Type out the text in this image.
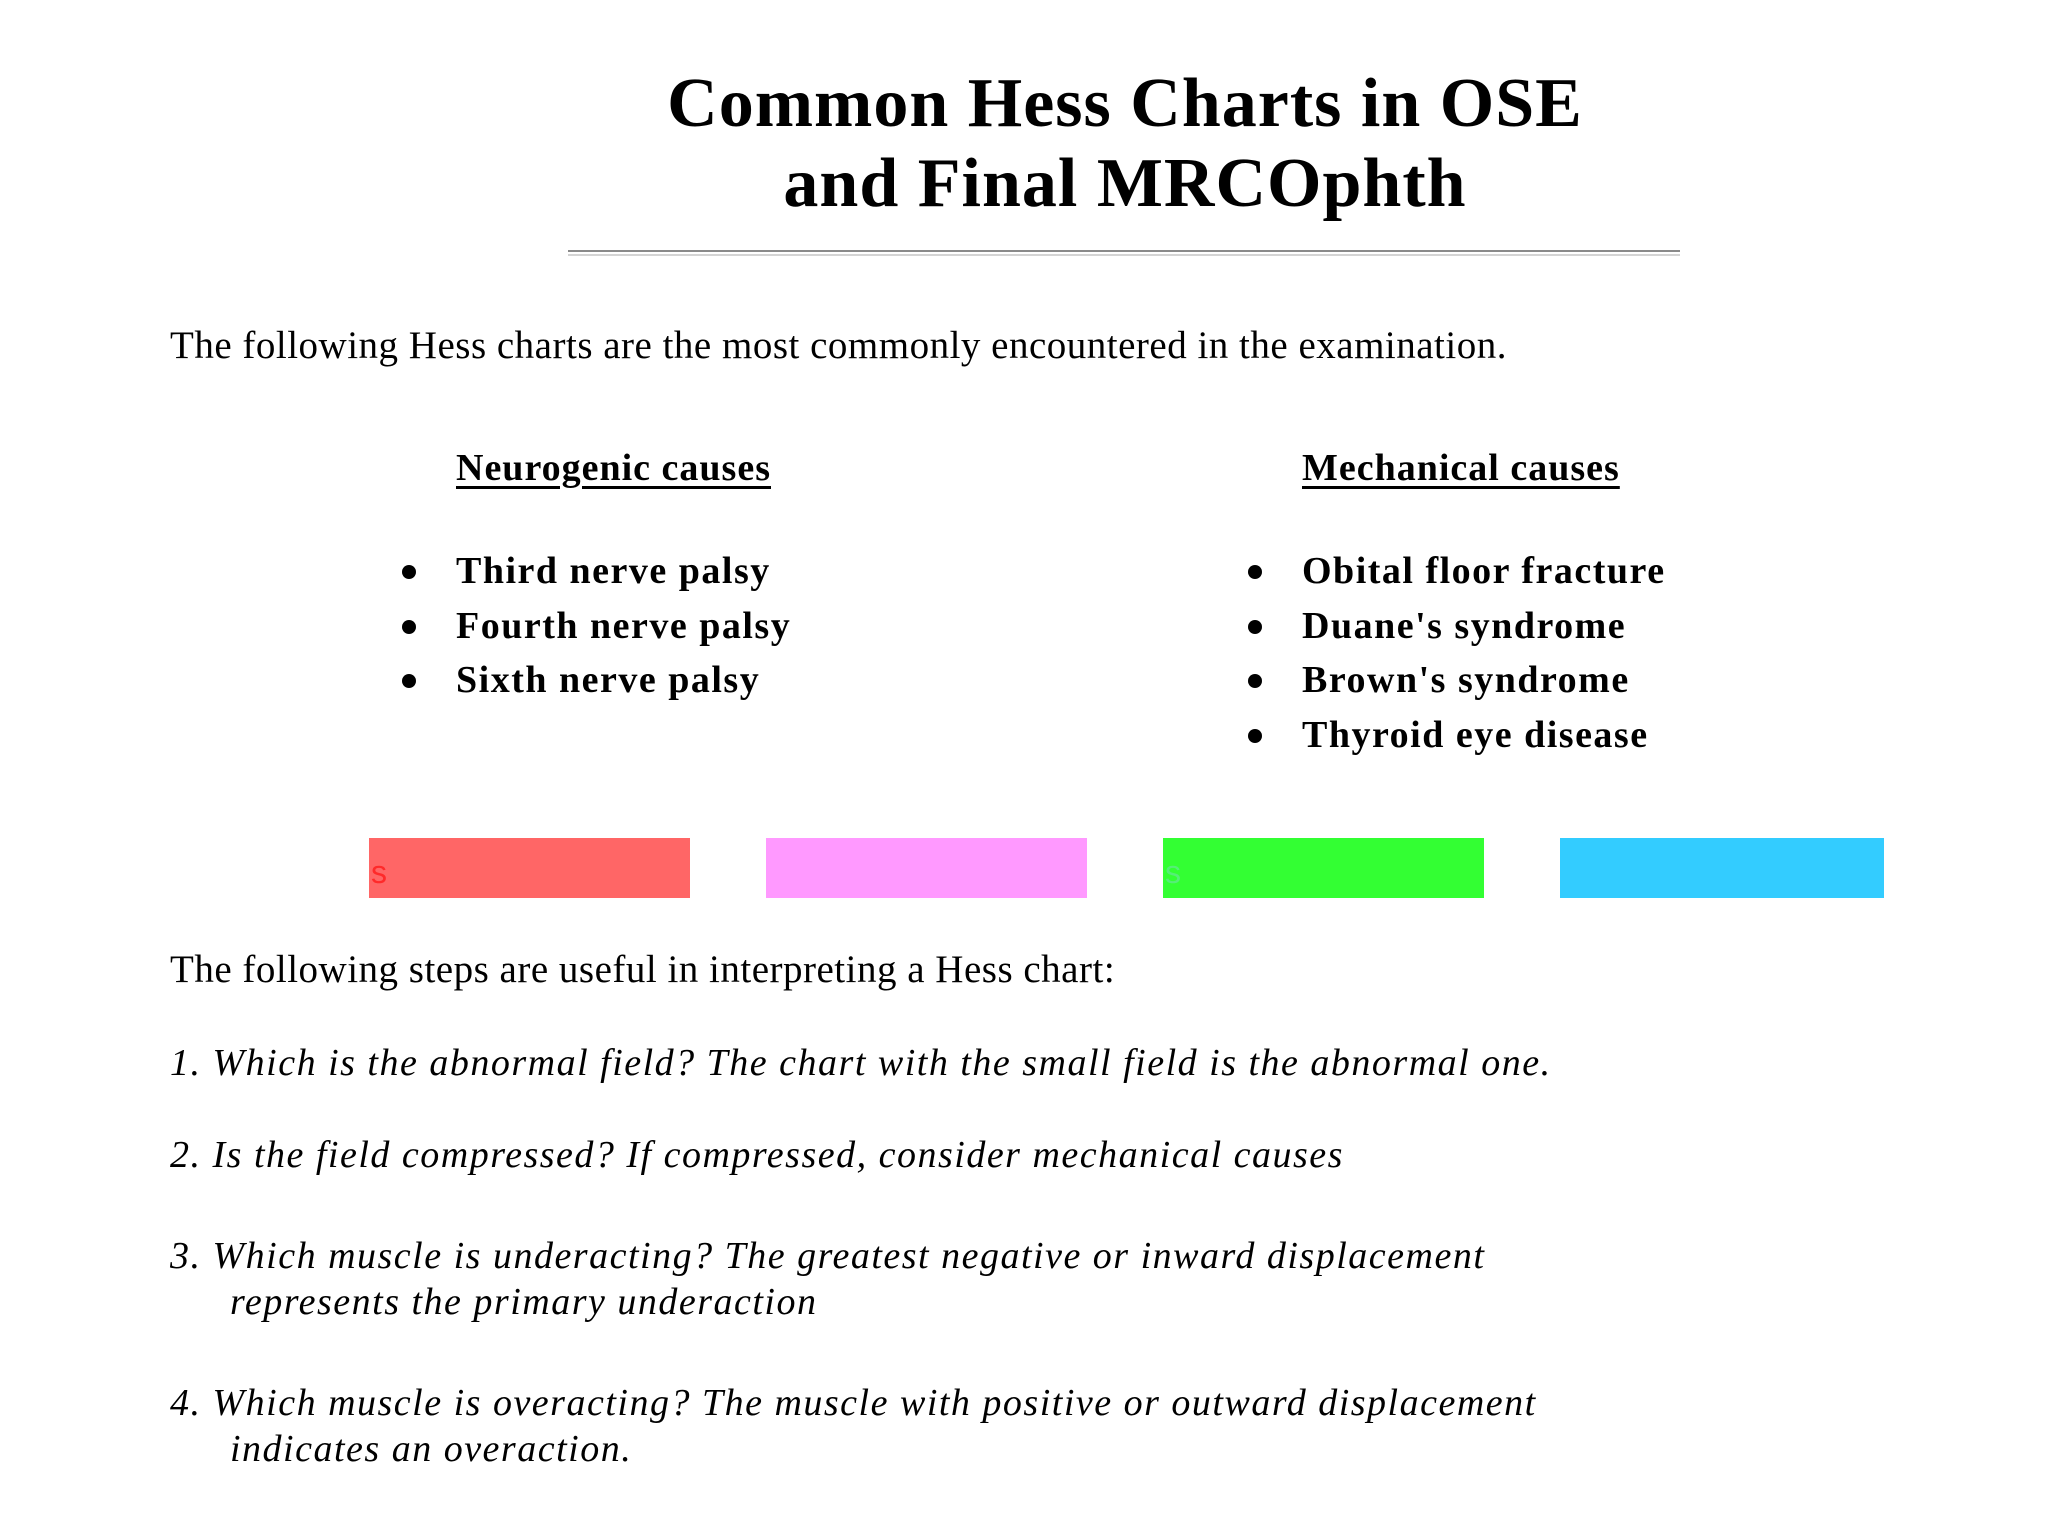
Common Hess Charts in OSE
and Final MRCOphth

The following Hess charts are the most commonly encountered in the examination.

Neurogenic causes	Mechanical causes
Third nerve palsy
Fourth nerve palsy
Sixth nerve palsy
Obital floor fracture
Duane's syndrome
Brown's syndrome
Thyroid eye disease
s	s

The following steps are useful in interpreting a Hess chart:

1. Which is the abnormal field? The chart with the small field is the abnormal one.

2. Is the field compressed? If compressed, consider mechanical causes

3. Which muscle is underacting? The greatest negative or inward displacement
represents the primary underaction

4. Which muscle is overacting? The muscle with positive or outward displacement
indicates an overaction.
